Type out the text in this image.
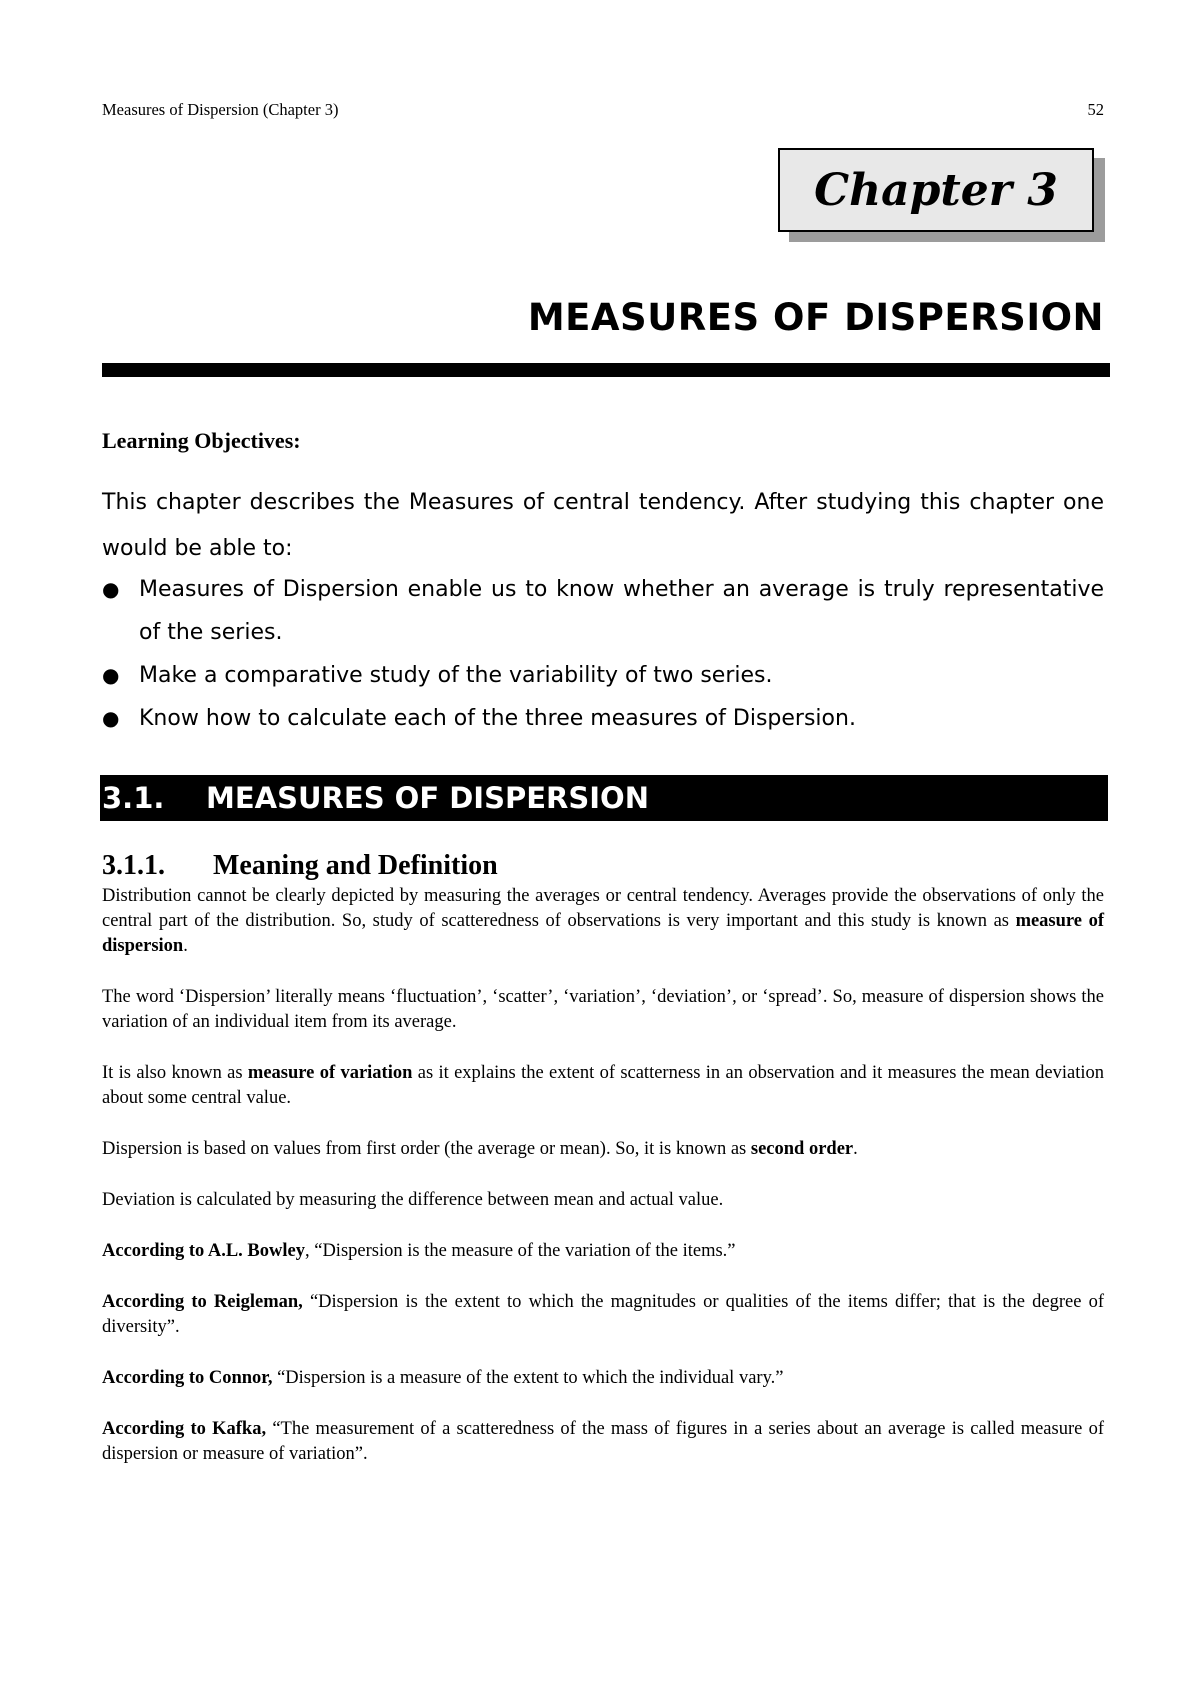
Measures of Dispersion (Chapter 3)	52
Chapter 3
MEASURES OF DISPERSION
Learning Objectives:

This chapter describes the Measures of central tendency. After studying this chapter one would be able to:

● Measures of Dispersion enable us to know whether an average is truly representative of the series.
● Make a comparative study of the variability of two series.
● Know how to calculate each of the three measures of Dispersion.
3.1.	MEASURES OF DISPERSION
3.1.1. Meaning and Definition

Distribution cannot be clearly depicted by measuring the averages or central tendency. Averages provide the observations of only the central part of the distribution. So, study of scatteredness of observations is very important and this study is known as measure of dispersion.

The word ‘Dispersion’ literally means ‘fluctuation’, ‘scatter’, ‘variation’, ‘deviation’, or ‘spread’. So, measure of dispersion shows the variation of an individual item from its average.

It is also known as measure of variation as it explains the extent of scatterness in an observation and it measures the mean deviation about some central value.

Dispersion is based on values from first order (the average or mean). So, it is known as second order.

Deviation is calculated by measuring the difference between mean and actual value.

According to A.L. Bowley, “Dispersion is the measure of the variation of the items.”

According to Reigleman, “Dispersion is the extent to which the magnitudes or qualities of the items differ; that is the degree of diversity”.

According to Connor, “Dispersion is a measure of the extent to which the individual vary.”

According to Kafka, “The measurement of a scatteredness of the mass of figures in a series about an average is called measure of dispersion or measure of variation”.
